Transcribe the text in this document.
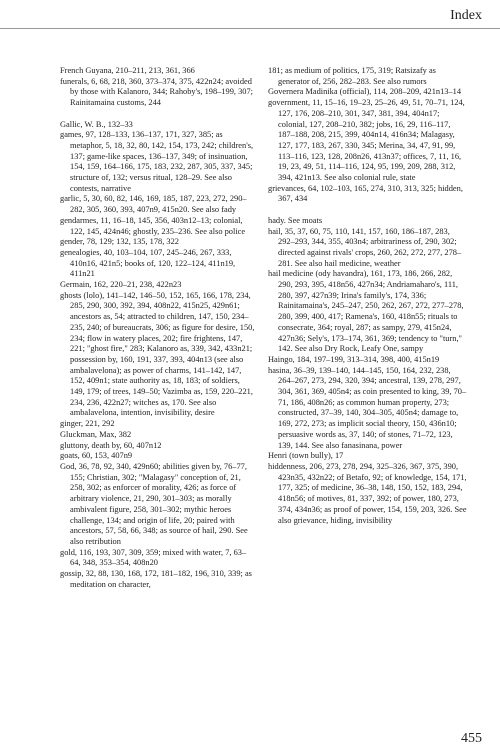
Index
French Guyana, 210–211, 213, 361, 366
funerals, 6, 68, 218, 360, 373–374, 375, 422n24; avoided by those with Kalanoro, 344; Rahoby's, 198–199, 307; Rainitamaina customs, 244
Gallic, W. B., 132–33
games, 97, 128–133, 136–137, 171, 327, 385; as metaphor, 5, 18, 32, 80, 142, 154, 173, 242; children's, 137; game-like spaces, 136–137, 349; of insinuation, 154, 159, 164–166, 175, 183, 232, 287, 305, 337, 345; structure of, 132; versus ritual, 128–29. See also contests, narrative
garlic, 5, 30, 60, 82, 146, 169, 185, 187, 223, 272, 290–282, 305, 360, 393, 407n9, 415n20. See also fady
gendarmes, 11, 16–18, 145, 356, 403n12–13; colonial, 122, 145, 424n46; ghostly, 235–236. See also police
gender, 78, 129; 132, 135, 178, 322
genealogies, 40, 103–104, 107, 245–246, 267, 333, 410n16, 421n5; books of, 120, 122–124, 411n19, 411n21
Germain, 162, 220–21, 238, 422n23
ghosts (lolo), 141–142, 146–50, 152, 165, 166, 178, 234, 285, 290, 300, 392, 394, 408n22, 415n25, 429n61; ancestors as, 54; attracted to children, 147, 150, 234–235, 240; of bureaucrats, 306; as figure for desire, 150, 234; flow in watery places, 202; fire frightens, 147, 221; "ghost fire," 283; Kalanoro as, 339, 342, 433n21; possession by, 160, 191, 337, 393, 404n13 (see also ambalavelona); as power of charms, 141–142, 147, 152, 409n1; state authority as, 18, 183; of soldiers, 149, 179; of trees, 149–50; Vazimba as, 159, 220–221, 234, 236, 422n27; witches as, 170. See also ambalavelona, intention, invisibility, desire
ginger, 221, 292
Gluckman, Max, 382
gluttony, death by, 60, 407n12
goats, 60, 153, 407n9
God, 36, 78, 92, 340, 429n60; abilities given by, 76–77, 155; Christian, 302; "Malagasy" conception of, 21, 258, 302; as enforcer of morality, 426; as force of arbitrary violence, 21, 290, 301–303; as morally ambivalent figure, 258, 301–302; mythic heroes challenge, 134; and origin of life, 20; paired with ancestors, 57, 58, 66, 348; as source of hail, 290. See also retribution
gold, 116, 193, 307, 309, 359; mixed with water, 7, 63–64, 348, 353–354, 408n20
gossip, 32, 88, 130, 168, 172, 181–182, 196, 310, 339; as meditation on character,
181; as medium of politics, 175, 319; Ratsizafy as generator of, 256, 282–283. See also rumors
Governera Madinika (official), 114, 208–209, 421n13–14
government, 11, 15–16, 19–23, 25–26, 49, 51, 70–71, 124, 127, 176, 208–210, 301, 347, 381, 394, 404n17; colonial, 127, 208–210, 382; jobs, 16, 29, 116–117, 187–188, 208, 215, 399, 404n14, 416n34; Malagasy, 127, 177, 183, 267, 330, 345; Merina, 34, 47, 91, 99, 113–116, 123, 128, 208n26, 413n37; offices, 7, 11, 16, 19, 23, 49, 51, 114–116, 124, 95, 199, 209, 288, 312, 394, 421n13. See also colonial rule, state
grievances, 64, 102–103, 165, 274, 310, 313, 325; hidden, 367, 434
hady. See moats
hail, 35, 37, 60, 75, 110, 141, 157, 160, 186–187, 283, 292–293, 344, 355, 403n4; arbitrariness of, 290, 302; directed against rivals' crops, 260, 262, 272, 277, 278–281. See also hail medicine, weather
hail medicine (ody havandra), 161, 173, 186, 266, 282, 290, 293, 395, 418n56, 427n34; Andriamaharo's, 111, 280, 397, 427n39; Irina's family's, 174, 336; Rainitamaina's, 245–247, 250, 262, 267, 272, 277–278, 280, 399, 400, 417; Ramena's, 160, 418n55; rituals to consecrate, 364; royal, 287; as sampy, 279, 415n24, 427n36; Sely's, 173–174, 361, 369; tendency to "turn," 142. See also Dry Rock, Leafy One, sampy
Haingo, 184, 197–199, 313–314, 398, 400, 415n19
hasina, 36–39, 139–140, 144–145, 150, 164, 232, 238, 264–267, 273, 294, 320, 394; ancestral, 139, 278, 297, 304, 361, 369, 405n4; as coin presented to king, 39, 70–71, 186, 408n26; as common human property, 273; constructed, 37–39, 140, 304–305, 405n4; damage to, 169, 272, 273; as implicit social theory, 150, 436n10; persuasive words as, 37, 140; of stones, 71–72, 123, 139, 144. See also fanasinana, power
Henri (town bully), 17
hiddenness, 206, 273, 278, 294, 325–326, 367, 375, 390, 423n35, 432n22; of Betafo, 92; of knowledge, 154, 171, 177, 325; of medicine, 36–38, 148, 150, 152, 183, 294, 418n56; of motives, 81, 337, 392; of power, 180, 273, 374, 434n36; as proof of power, 154, 159, 203, 326. See also grievance, hiding, invisibility
455
